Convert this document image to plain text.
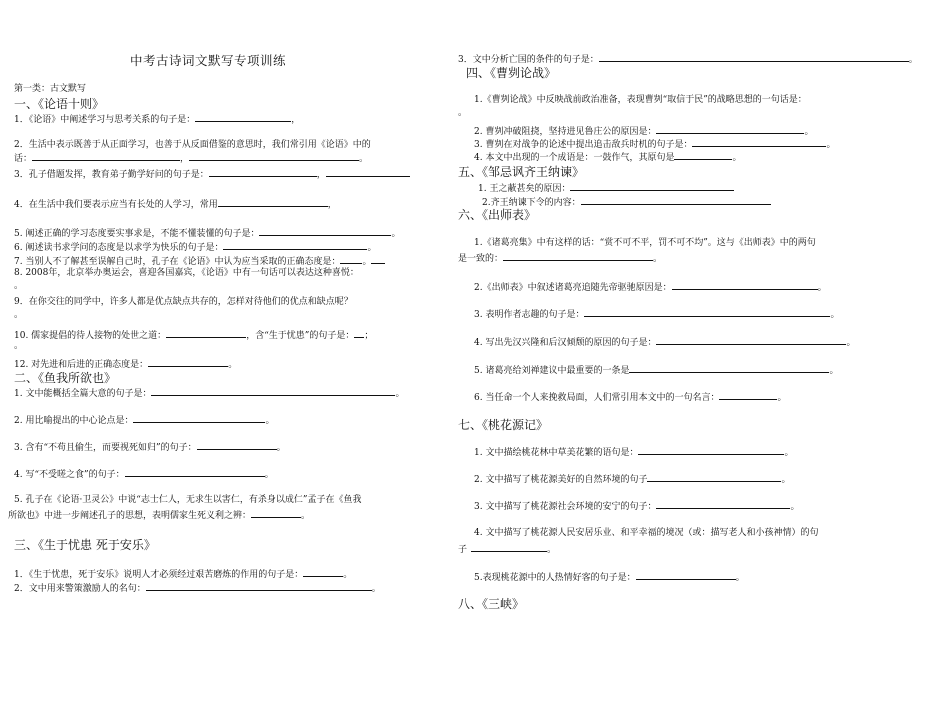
中考古诗词文默写专项训练
第一类：古文默写
一、《论语十则》
1．《论语》中阐述学习与思考关系的句子是：	，
2．生活中表示既善于从正面学习，也善于从反面借鉴的意思时，我们常引用《论语》中的
话：	，	。
3．孔子借题发挥，教育弟子勤学好问的句子是：	，
4．在生活中我们要表示应当有长处的人学习，常用	，
5. 阐述正确的学习态度要实事求是，不能不懂装懂的句子是：	。
6. 阐述读书求学问的态度是以求学为快乐的句子是：	。
7. 当别人不了解甚至误解自己时，孔子在《论语》中认为应当采取的正确态度是： 。
8. 2008年，北京举办奥运会，喜迎各国嘉宾，《论语》中有一句话可以表达这种喜悦：
。
9．在你交往的同学中，许多人都是优点缺点共存的，怎样对待他们的优点和缺点呢？
。
10. 儒家提倡的待人接物的处世之道：	，含“生于忧患”的句子是： ；
。
12. 对先进和后进的正确态度是：	。
二、《鱼我所欲也》
1. 文中能概括全篇大意的句子是：	。
2. 用比喻提出的中心论点是：	。
3. 含有“不苟且偷生，而要视死如归”的句子：	。
4. 写“不受嗟之食”的句子：	。
5. 孔子在《论语·卫灵公》中说“志士仁人，无求生以害仁，有杀身以成仁”孟子在《鱼我
所欲也》中进一步阐述孔子的思想，表明儒家生死义利之辨：	。
三、《生于忧患 死于安乐》
1．《生于忧患，死于安乐》说明人才必须经过艰苦磨炼的作用的句子是：	。
2．文中用来警策激励人的名句：	。
3．文中分析亡国的条件的句子是：	。
四、《曹刿论战》
1.《曹刿论战》中反映战前政治准备，表现曹刿“取信于民”的战略思想的一句话是：
。
2. 曹刿冲破阻挠，坚持进见鲁庄公的原因是：	。
3. 曹刿在对战争的论述中提出追击敌兵时机的句子是：	。
4. 本文中出现的一个成语是：一鼓作气，其原句是	。
五、《邹忌讽齐王纳谏》
1. 王之蔽甚矣的原因：
2.齐王纳谏下令的内容：
六、《出师表》
1.《诸葛亮集》中有这样的话：“赏不可不平，罚不可不均”。这与《出师表》中的两句
是一致的：	。
2.《出师表》中叙述诸葛亮追随先帝驱驰原因是：	。
3. 表明作者志趣的句子是：	。
4. 写出先汉兴隆和后汉倾颓的原因的句子是：	。
5. 诸葛亮给刘禅建议中最重要的一条是	。
6. 当任命一个人来挽救局面，人们常引用本文中的一句名言：	。
七、《桃花源记》
1. 文中描绘桃花林中草美花繁的语句是：	。
2. 文中描写了桃花源美好的自然环境的句子	。
3. 文中描写了桃花源社会环境的安宁的句子：	。
4. 文中描写了桃花源人民安居乐业、和平幸福的境况（或：描写老人和小孩神情）的句
子	。
5.表现桃花源中的人热情好客的句子是：	。
八、《三峡》
